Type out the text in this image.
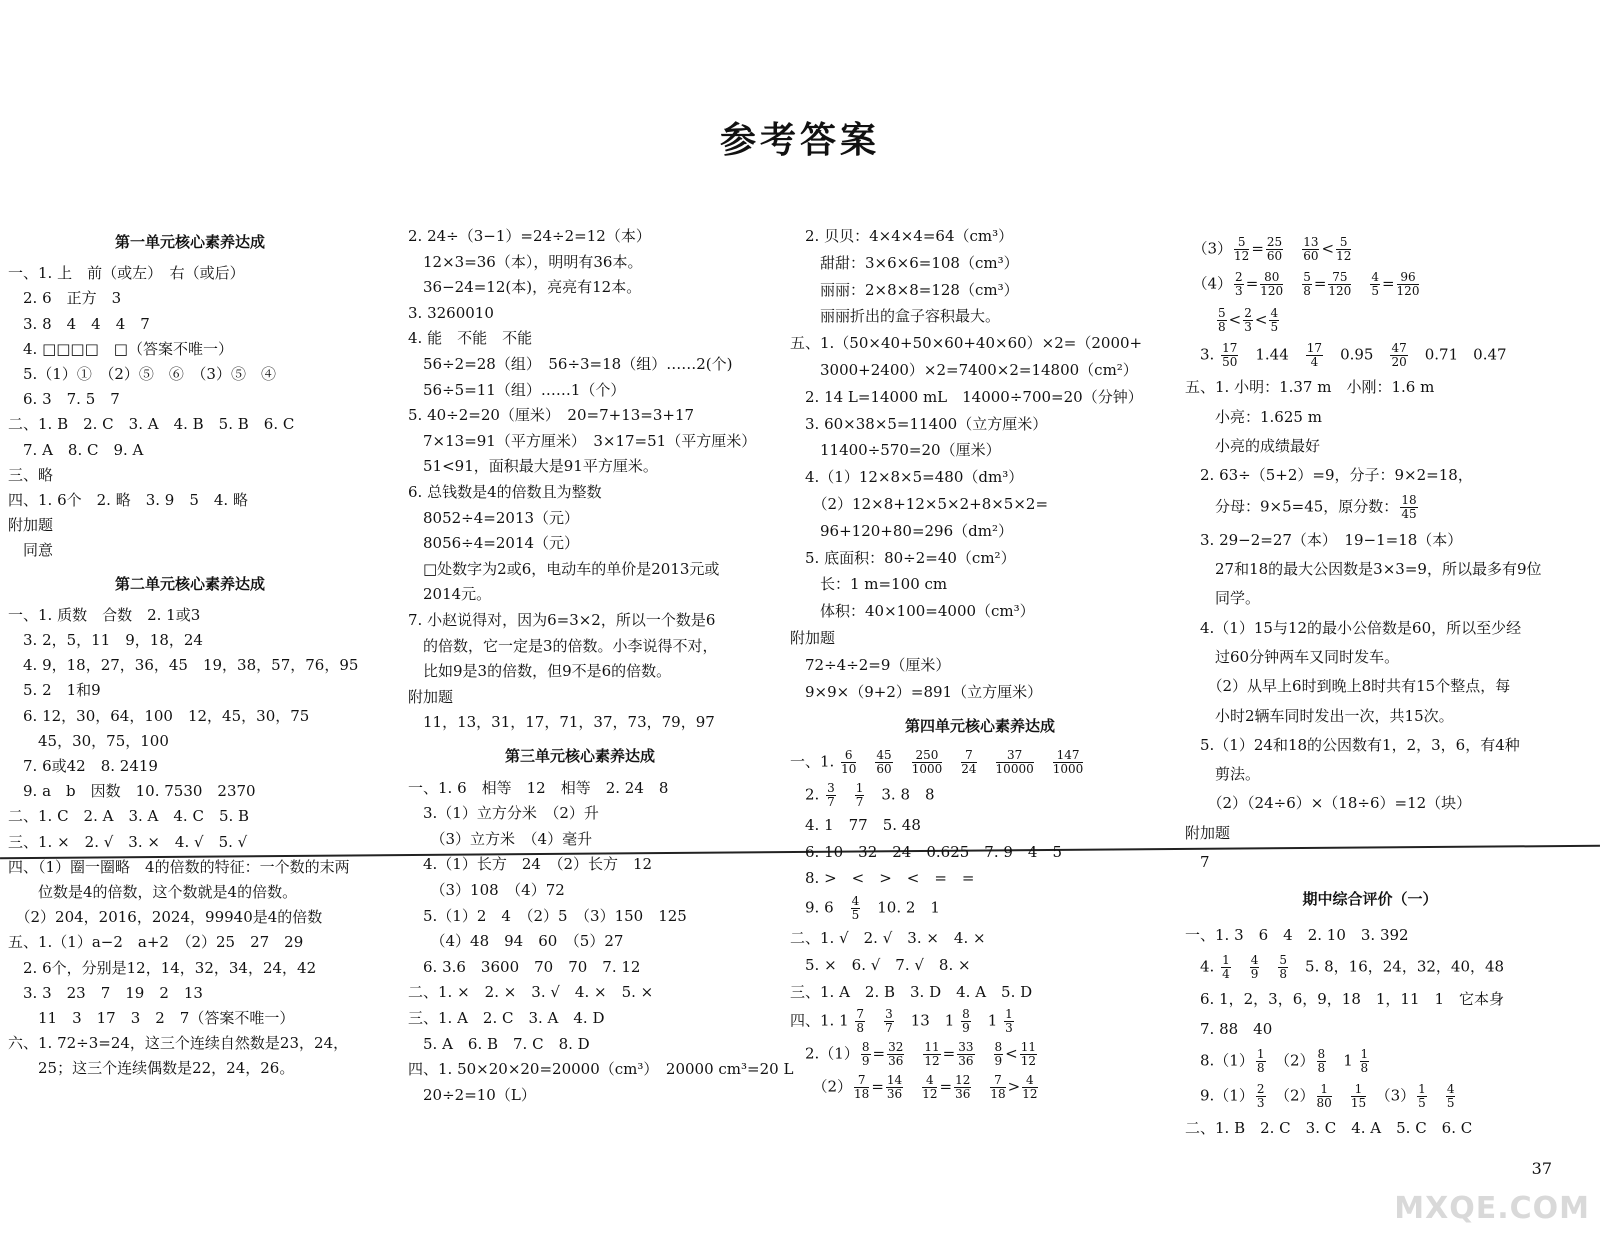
参考答案
37
MXQE.COM
第一单元核心素养达成
一、1. 上　前（或左）　右（或后）
　2. 6　正方　3
　3. 8　4　4　4　7
　4. □□□□　□（答案不唯一）
　5.（1）①　（2）⑤　⑥　（3）⑤　④
　6. 3　7. 5　7
二、1. B　2. C　3. A　4. B　5. B　6. C
　7. A　8. C　9. A
三、略
四、1. 6个　2. 略　3. 9　5　4. 略
附加题
　同意
第二单元核心素养达成
一、1. 质数　合数　2. 1或3
　3. 2，5，11　9，18，24
　4. 9，18，27，36，45　19，38，57，76，95
　5. 2　1和9
　6. 12，30，64，100　12，45，30，75
　　45，30，75，100
　7. 6或42　8. 2419
　9. a　b　因数　10. 7530　2370
二、1. C　2. A　3. A　4. C　5. B
三、1. ×　2. √　3. ×　4. √　5. √
四、（1）圈一圈略　4的倍数的特征：一个数的末两
　　位数是4的倍数，这个数就是4的倍数。
　（2）204，2016，2024，99940是4的倍数
五、1.（1）a−2　a+2　（2）25　27　29
　2. 6个，分别是12，14，32，34，24，42
　3. 3　23　7　19　2　13
　　11　3　17　3　2　7（答案不唯一）
六、1. 72÷3=24，这三个连续自然数是23，24，
　　25；这三个连续偶数是22，24，26。
2. 24÷（3−1）=24÷2=12（本）
　12×3=36（本），明明有36本。
　36−24=12(本)，亮亮有12本。
3. 3260010
4. 能　不能　不能
　56÷2=28（组）　56÷3=18（组）……2(个)
　56÷5=11（组）……1（个）
5. 40÷2=20（厘米）　20=7+13=3+17
　7×13=91（平方厘米）　3×17=51（平方厘米）
　51<91，面积最大是91平方厘米。
6. 总钱数是4的倍数且为整数
　8052÷4=2013（元）
　8056÷4=2014（元）
　□处数字为2或6，电动车的单价是2013元或
　2014元。
7. 小赵说得对，因为6=3×2，所以一个数是6
　的倍数，它一定是3的倍数。小李说得不对，
　比如9是3的倍数，但9不是6的倍数。
附加题
　11，13，31，17，71，37，73，79，97
第三单元核心素养达成
一、1. 6　相等　12　相等　2. 24　8
　3.（1）立方分米　（2）升
　　（3）立方米　（4）毫升
　4.（1）长方　24　（2）长方　12
　　（3）108　（4）72
　5.（1）2　4　（2）5　（3）150　125
　　（4）48　94　60　（5）27
　6. 3.6　3600　70　70　7. 12
二、1. ×　2. ×　3. √　4. ×　5. ×
三、1. A　2. C　3. A　4. D
　5. A　6. B　7. C　8. D
四、1. 50×20×20=20000（cm³）　20000 cm³=20 L
　20÷2=10（L）
　2. 贝贝：4×4×4=64（cm³）
　　甜甜：3×6×6=108（cm³）
　　丽丽：2×8×8=128（cm³）
　　丽丽折出的盒子容积最大。
五、1.（50×40+50×60+40×60）×2=（2000+
　　3000+2400）×2=7400×2=14800（cm²）
　2. 14 L=14000 mL　14000÷700=20（分钟）
　3. 60×38×5=11400（立方厘米）
　　11400÷570=20（厘米）
　4.（1）12×8×5=480（dm³）
　　（2）12×8+12×5×2+8×5×2=
　　96+120+80=296（dm²）
　5. 底面积：80÷2=40（cm²）
　　长：1 m=100 cm
　　体积：40×100=4000（cm³）
附加题
　72÷4÷2=9（厘米）
　9×9×（9+2）=891（立方厘米）
第四单元核心素养达成
一、1. $\frac{6}{10}$
　 $\frac{45}{60}$
　 $\frac{250}{1000}$
　 $\frac{7}{24}$
　 $\frac{37}{10000}$
　 $\frac{147}{1000}$
　2. $\frac{3}{7}$
　 $\frac{1}{7}$ 　3. 8　8
　4. 1　77　5. 48
　6. 10　32　24　0.625　7. 9　4　5
　8. >　<　>　<　=　=
　9. 6　 $\frac{4}{5}$ 　10. 2　1
二、1. √　2. √　3. ×　4. ×
　5. ×　6. √　7. √　8. ×
三、1. A　2. B　3. D　4. A　5. D
四、1. $1 \frac{7}{8}$
　 $\frac{3}{7}$ 　13　$1 \frac{8}{9}$ 　$1 \frac{1}{3}$
　$2.(1) \frac{8}{9} = \frac{32}{36}$
　 $\frac{11}{12} = \frac{33}{36}$
　 $\frac{8}{9} < \frac{11}{12}$
　　$(2) \frac{7}{18} = \frac{14}{36}$
　 $\frac{4}{12} = \frac{12}{36}$
　 $\frac{7}{18} > \frac{4}{12}$
　$(3) \frac{5}{12} = \frac{25}{60}$
　 $\frac{13}{60} < \frac{5}{12}$
　$(4) \frac{2}{3} = \frac{80}{120}$
　 $\frac{5}{8} = \frac{75}{120}$
　 $\frac{4}{5} = \frac{96}{120}$

$\frac{5}{8} < \frac{2}{3} < \frac{4}{5}$
　3. $\frac{17}{50}$ 　1.44　 $\frac{17}{4}$ 　0.95　 $\frac{47}{20}$ 　0.71　0.47
五、1. 小明：1.37 m　小刚：1.6 m
　　小亮：1.625 m
　　小亮的成绩最好
　2. 63÷（5+2）=9，分子：9×2=18，
　　分母：9×5=45，原分数： $\frac{18}{45}$
　3. 29−2=27（本）　19−1=18（本）
　　27和18的最大公因数是3×3=9，所以最多有9位
　　同学。
　4.（1）15与12的最小公倍数是60，所以至少经
　　过60分钟两车又同时发车。
　　（2）从早上6时到晚上8时共有15个整点，每
　　小时2辆车同时发出一次，共15次。
　5.（1）24和18的公因数有1，2，3，6，有4种
　　剪法。
　　（2）（24÷6）×（18÷6）=12（块）
附加题
　7
期中综合评价（一）
一、1. 3　6　4　2. 10　3. 392
　4. $\frac{1}{4}$
　 $\frac{4}{9}$
　 $\frac{5}{8}$ 　5. 8，16，24，32，40，48
　6. 1，2，3，6，9，18　1，11　1　它本身
　7. 88　40
　$8.(1) \frac{1}{8}$ 　$(2) \frac{8}{8}$ 　$1 \frac{1}{8}$
　$9.(1) \frac{2}{3}$ 　$(2) \frac{1}{80}$
　 $\frac{1}{15}$ 　$(3) \frac{1}{5}$
　 $\frac{4}{5}$
二、1. B　2. C　3. C　4. A　5. C　6. C
